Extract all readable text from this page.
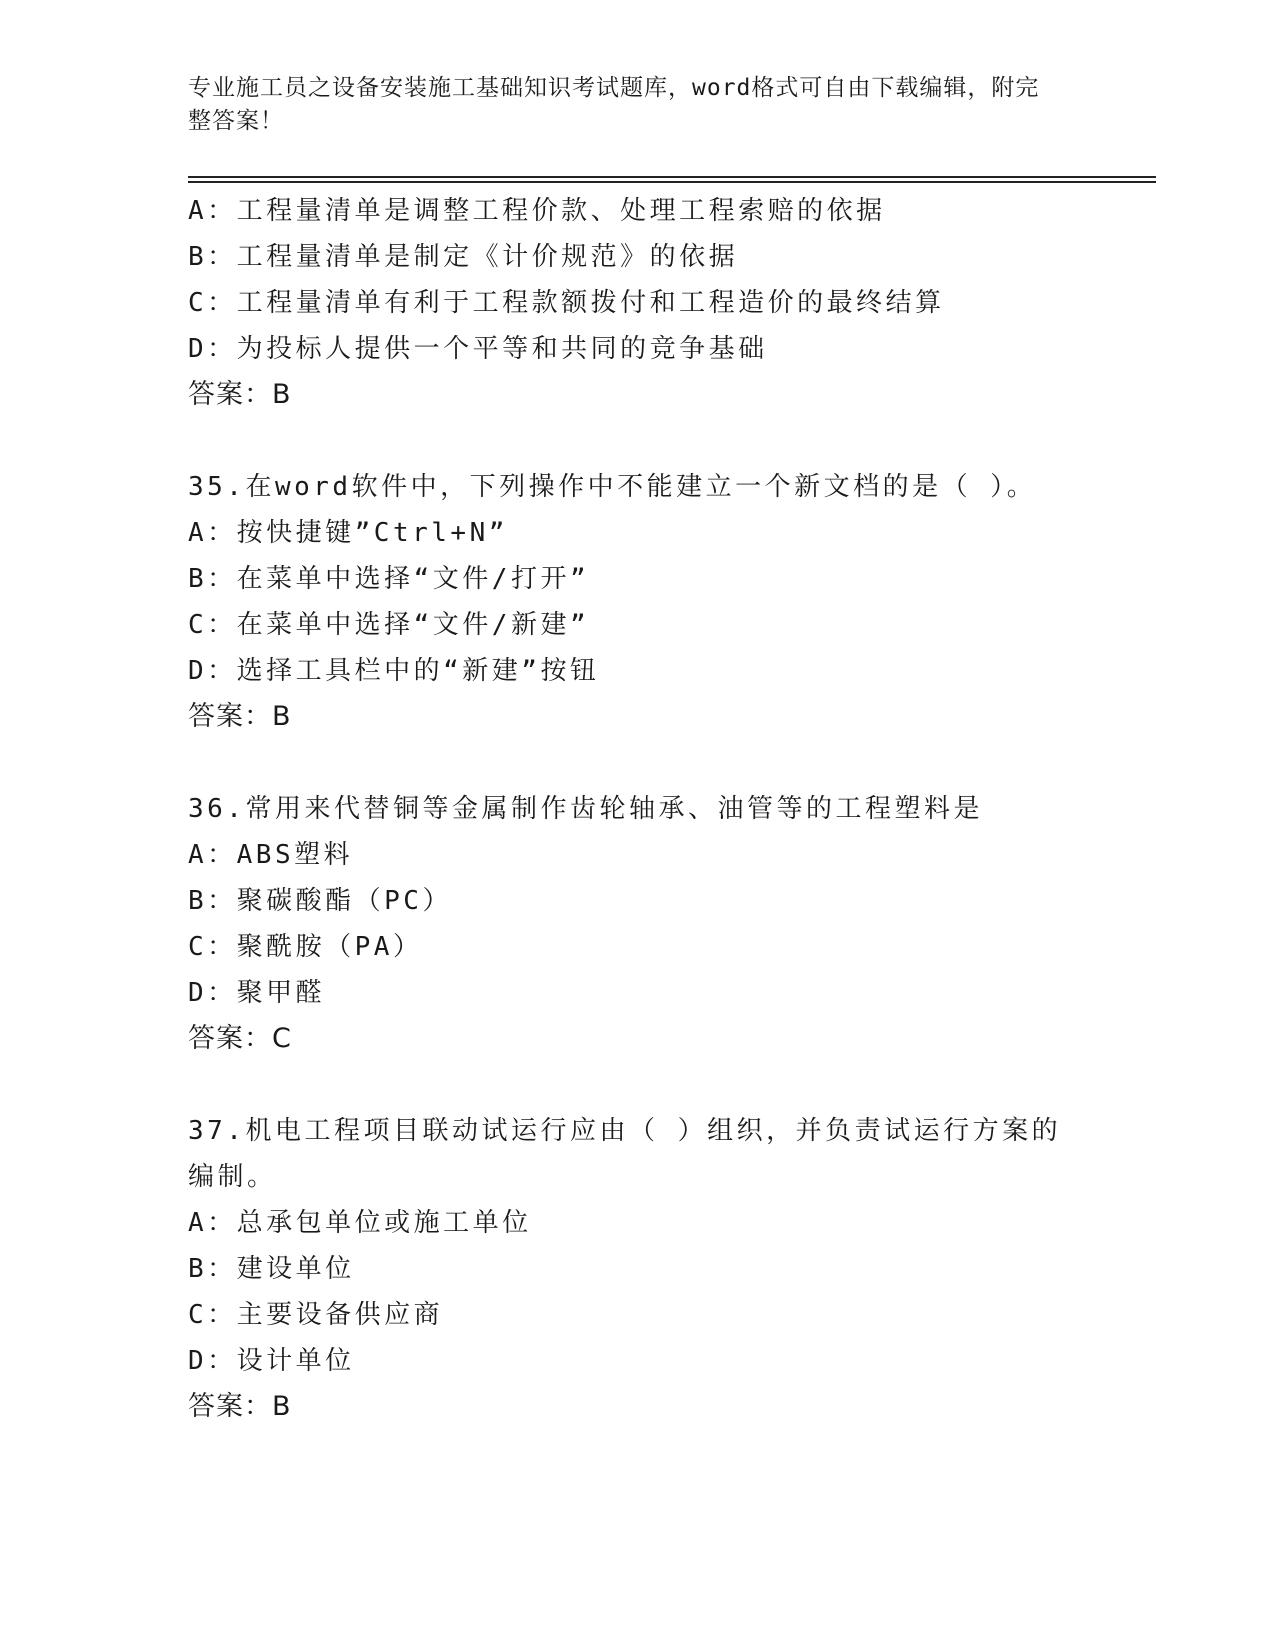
专业施工员之设备安装施工基础知识考试题库，word格式可自由下载编辑，附完
整答案！
A：工程量清单是调整工程价款、处理工程索赔的依据
B：工程量清单是制定《计价规范》的依据
C：工程量清单有利于工程款额拨付和工程造价的最终结算
D：为投标人提供一个平等和共同的竞争基础
答案：B
35.在word软件中，下列操作中不能建立一个新文档的是（ ）。
A：按快捷键”Ctrl+N”
B：在菜单中选择“文件/打开”
C：在菜单中选择“文件/新建”
D：选择工具栏中的“新建”按钮
答案：B
36.常用来代替铜等金属制作齿轮轴承、油管等的工程塑料是
A：ABS塑料
B：聚碳酸酯（PC）
C：聚酰胺（PA）
D：聚甲醛
答案：C
37.机电工程项目联动试运行应由（ ）组织，并负责试运行方案的编制。
A：总承包单位或施工单位
B：建设单位
C：主要设备供应商
D：设计单位
答案：B
